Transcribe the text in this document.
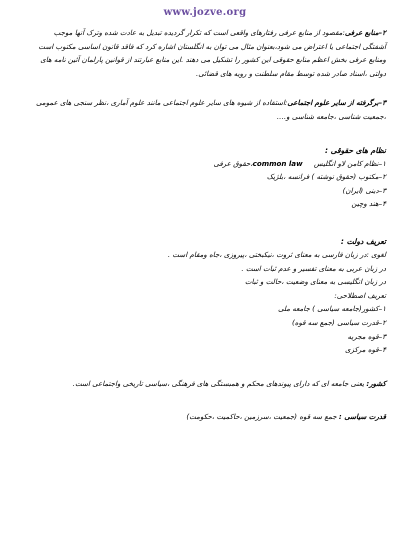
www.jozve.org

۲–منابع عرفی:مقصود از منابع عرفی رفتارهای واقعی است که تکرار گردیده تبدیل به عادت شده وترک آنها موجب آشفتگی اجتماعی یا اعتراض می شود،بعنوان مثال می توان به انگلستان اشاره کرد که فاقد قانون اساسی مکتوب است ومنابع عرفی بخش اعظم منابع حقوقی این کشور را تشکیل می دهند .این منابع عبارتند از قوانین پارلمان آئین نامه های دولتی ،اسناد صادر شده توسط مقام سلطنت و رویه های قضائی.

۳–برگرفته از سایر علوم اجتماعی:استفاده از شیوه های سایر علوم اجتماعی مانند علوم آماری ،نظر سنجی های عمومی ،جمعیت شناسی ،جامعه شناسی و….

نظام های حقوقی :

۱–نظام کامن لاو انگلیس     common law،حقوق عرفی

۲–مکتوب (حقوق نوشته ) فرانسه ،بلژیک

۳–دینی (ایران)

۴–هند وچین

تعریف دولت :

لغوی :در زبان فارسی به معنای ثروت ،نیکبختی ،پیروزی ،جاه ومقام است .

در زبان عربی به معنای تفسیر و عدم ثبات است .

در زبان انگلیسی به معنای وضعیت ،حالت و ثبات

تعریف اصطلاحی:

۱–کشور(جامعه سیاسی ) جامعه ملی

۲–قدرت سیاسی (جمع سه قوه)

۳–قوه مجریه

۴–قوه مرکزی

کشور: یعنی جامعه ای که دارای پیوندهای محکم و همبستگی های فرهنگی ،سیاسی تاریخی واجتماعی است.

قدرت سیاسی : جمع سه قوه (جمعیت ،سرزمین ،حاکمیت ،حکومت)
